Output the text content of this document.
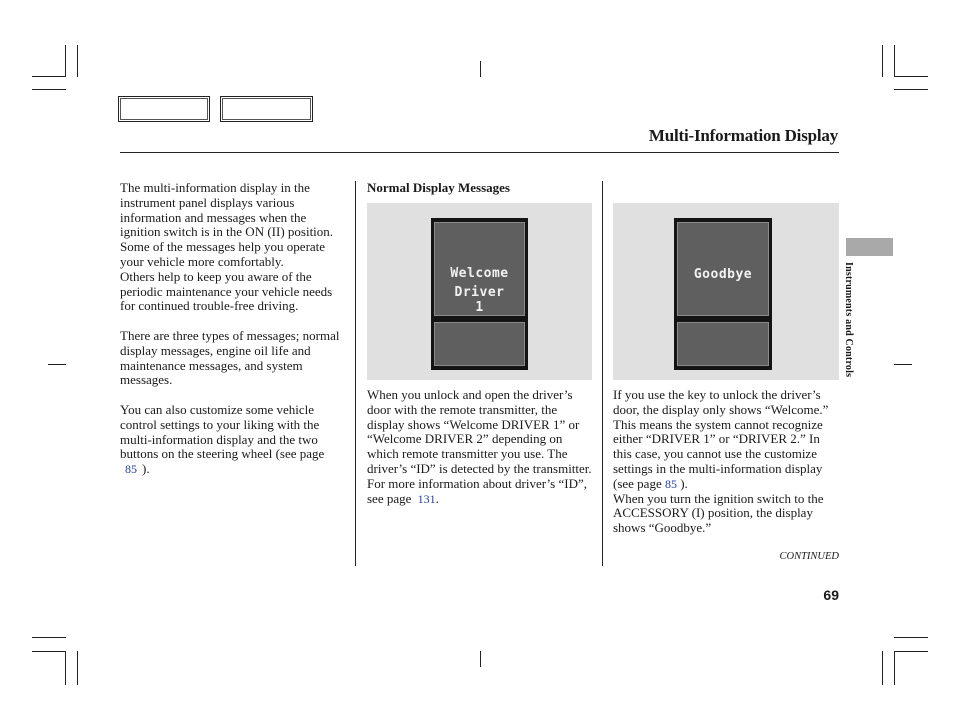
Multi-Information Display

The multi-information display in the instrument panel displays various information and messages when the ignition switch is in the ON (II) position. Some of the messages help you operate your vehicle more comfortably.

Others help to keep you aware of the periodic maintenance your vehicle needs for continued trouble-free driving.

There are three types of messages; normal display messages, engine oil life and maintenance messages, and system messages.

You can also customize some vehicle control settings to your liking with the multi-information display and the two buttons on the steering wheel (see page 85 ).

Normal Display Messages

Welcome
Driver
1

When you unlock and open the driver’s door with the remote transmitter, the display shows “Welcome DRIVER 1” or “Welcome DRIVER 2” depending on which remote transmitter you use. The driver’s “ID” is detected by the transmitter. For more information about driver’s “ID”, see page 131.

Goodbye

If you use the key to unlock the driver’s door, the display only shows “Welcome.” This means the system cannot recognize either “DRIVER 1” or “DRIVER 2.” In this case, you cannot use the customize settings in the multi-information display (see page 85 ).

When you turn the ignition switch to the ACCESSORY (I) position, the display shows “Goodbye.”

Instruments and Controls
CONTINUED
69
